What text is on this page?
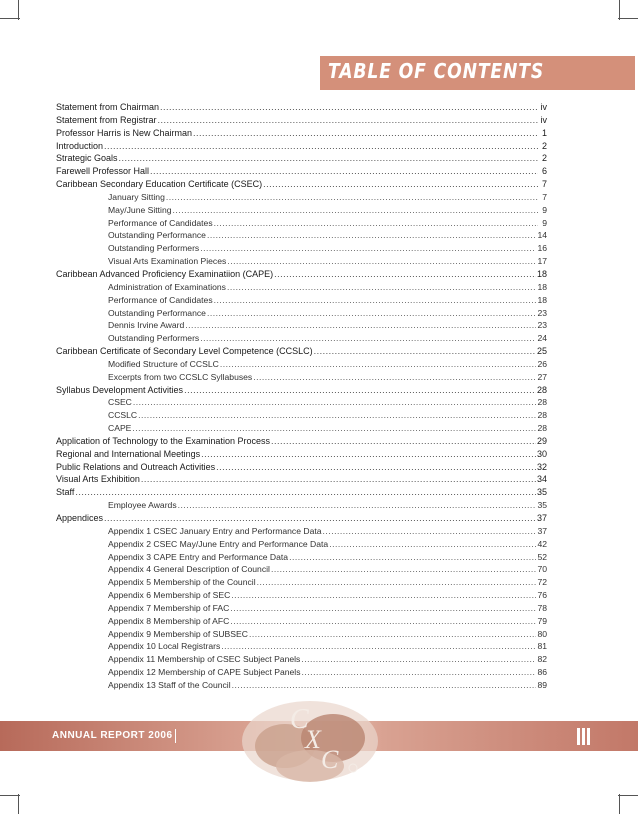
TABLE OF CONTENTS
Statement from Chairman .....	iv
Statement from Registrar .....	iv
Professor Harris is New Chairman .....	1
Introduction .....	2
Strategic Goals .....	2
Farewell Professor Hall .....	6
Caribbean Secondary Education Certificate (CSEC) .....	7
January Sitting .....	7
May/June Sitting .....	9
Performance of Candidates .....	9
Outstanding Performance .....	14
Outstanding Performers .....	16
Visual Arts Examination Pieces .....	17
Caribbean Advanced Proficiency Examinatiion (CAPE) .....	18
Administration of Examinations .....	18
Performance of Candidates .....	18
Outstanding Performance .....	23
Dennis Irvine Award .....	23
Outstanding Performers .....	24
Caribbean Certificate of Secondary Level Competence (CCSLC) .....	25
Modified Structure of CCSLC .....	26
Excerpts from two CCSLC Syllabuses .....	27
Syllabus Development Activities .....	28
CSEC .....	28
CCSLC .....	28
CAPE .....	28
Application of Technology to the Examination Process .....	29
Regional and International Meetings .....	30
Public Relations and Outreach Activities .....	32
Visual Arts Exhibition .....	34
Staff .....	35
Employee Awards .....	35
Appendices .....	37
Appendix 1 CSEC January Entry and Performance Data .....	37
Appendix 2 CSEC May/June Entry and Performance Data .....	42
Appendix 3 CAPE Entry and Performance Data .....	52
Appendix 4 General Description of Council .....	70
Appendix 5 Membership of the Council .....	72
Appendix 6 Membership of SEC .....	76
Appendix 7 Membership of FAC .....	78
Appendix 8 Membership of AFC .....	79
Appendix 9 Membership of SUBSEC .....	80
Appendix 10 Local Registrars .....	81
Appendix 11 Membership of CSEC Subject Panels .....	82
Appendix 12 Membership of CAPE Subject Panels .....	86
Appendix 13 Staff of the Council .....	89
C
X
C
ANNUAL REPORT 2006
